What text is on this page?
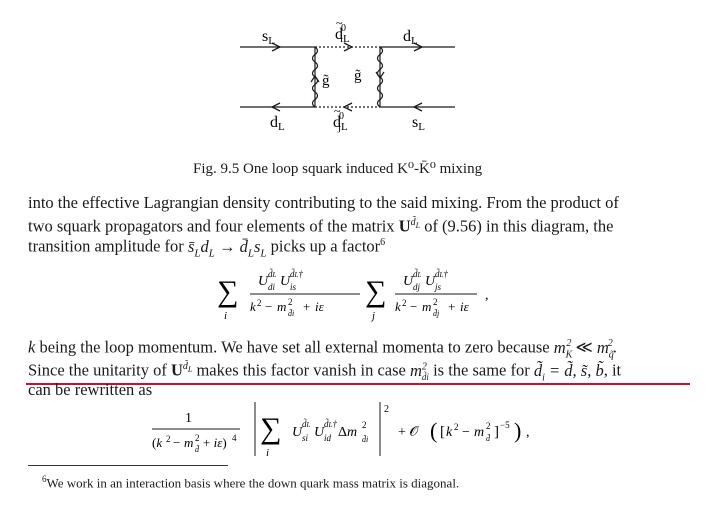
sL	d0 iL
~
dL
g̃
g̃
dL	d0 jL
~
sL
Fig. 9.5 One loop squark induced K⁰-K̄⁰ mixing
into the effective Lagrangian density contributing to the said mixing. From the product of
two squark propagators and four elements of the matrix $U^{d̃_L}$ of (9.56) in this diagram, the
transition amplitude for $s̄_Ld_L$ → $d̄_Ls_L$ picks up a factor$^6$
∑
i
U d̃L
di U d̃L†
is
k 2 − m 2
d̃i + iε ∑
j
U d̃L
dj U d̃L†
js
k 2 − m 2
d̃j + iε
,
k being the loop momentum. We have set all external momenta to zero because $m_K^2$ ≪ $m_{q̃}^2$.
Since the unitarity of $U^{d̃_L}$ makes this factor vanish in case $m^2_{d̃i}$ is the same for $d̃_i$ = d̃, s̃, b̃, it
can be rewritten as
1
(k 2 − m 2
d̃ + iε) 4 ∑
i
U
d̃L
si U
d̃L†
id Δm 2
d̃i
2
+ 𝒪 ( [ k 2 − m 2
d̃ ] −5 ) ,
$^6$We work in an interaction basis where the down quark mass matrix is diagonal.
